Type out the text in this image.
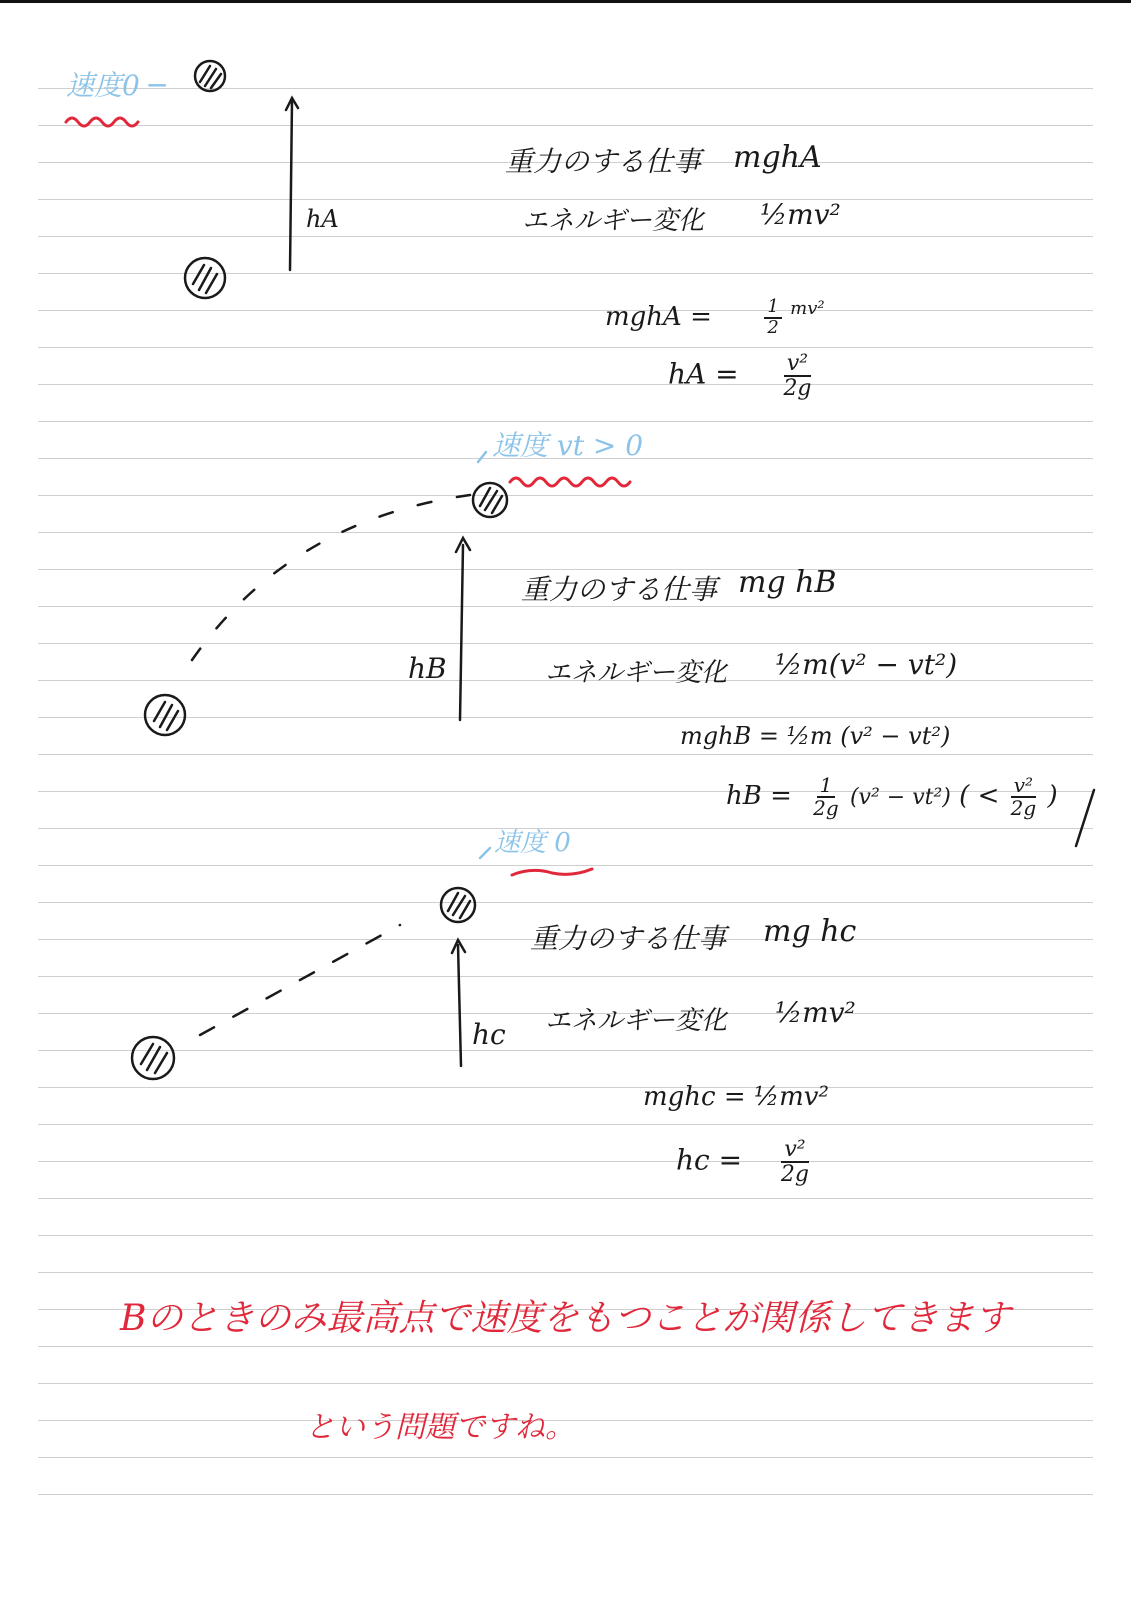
速度0 ─
hA
重力のする仕事 mghA
エネルギー変化 ½mv²
mghA =	$\frac{1}{2} ^{mv^2}$
hA = $\frac{\text{v²}}{2g}$
速度 vt > 0
hB
重力のする仕事 mg hB
エネルギー変化 ½m(v² − vt²)
mghB = ½m (v² − vt²)
hB = $\frac{1}{2g} (v^2 - vt^2)$ ( < $\frac{\text{v²}}{2g}$ )
速度 0
hc
重力のする仕事 mg hc
エネルギー変化 ½mv²
mghc = ½mv²
hc = $\frac{\text{v²}}{2g}$
Bのときのみ最高点で速度をもつことが関係してきます
という問題ですね。
